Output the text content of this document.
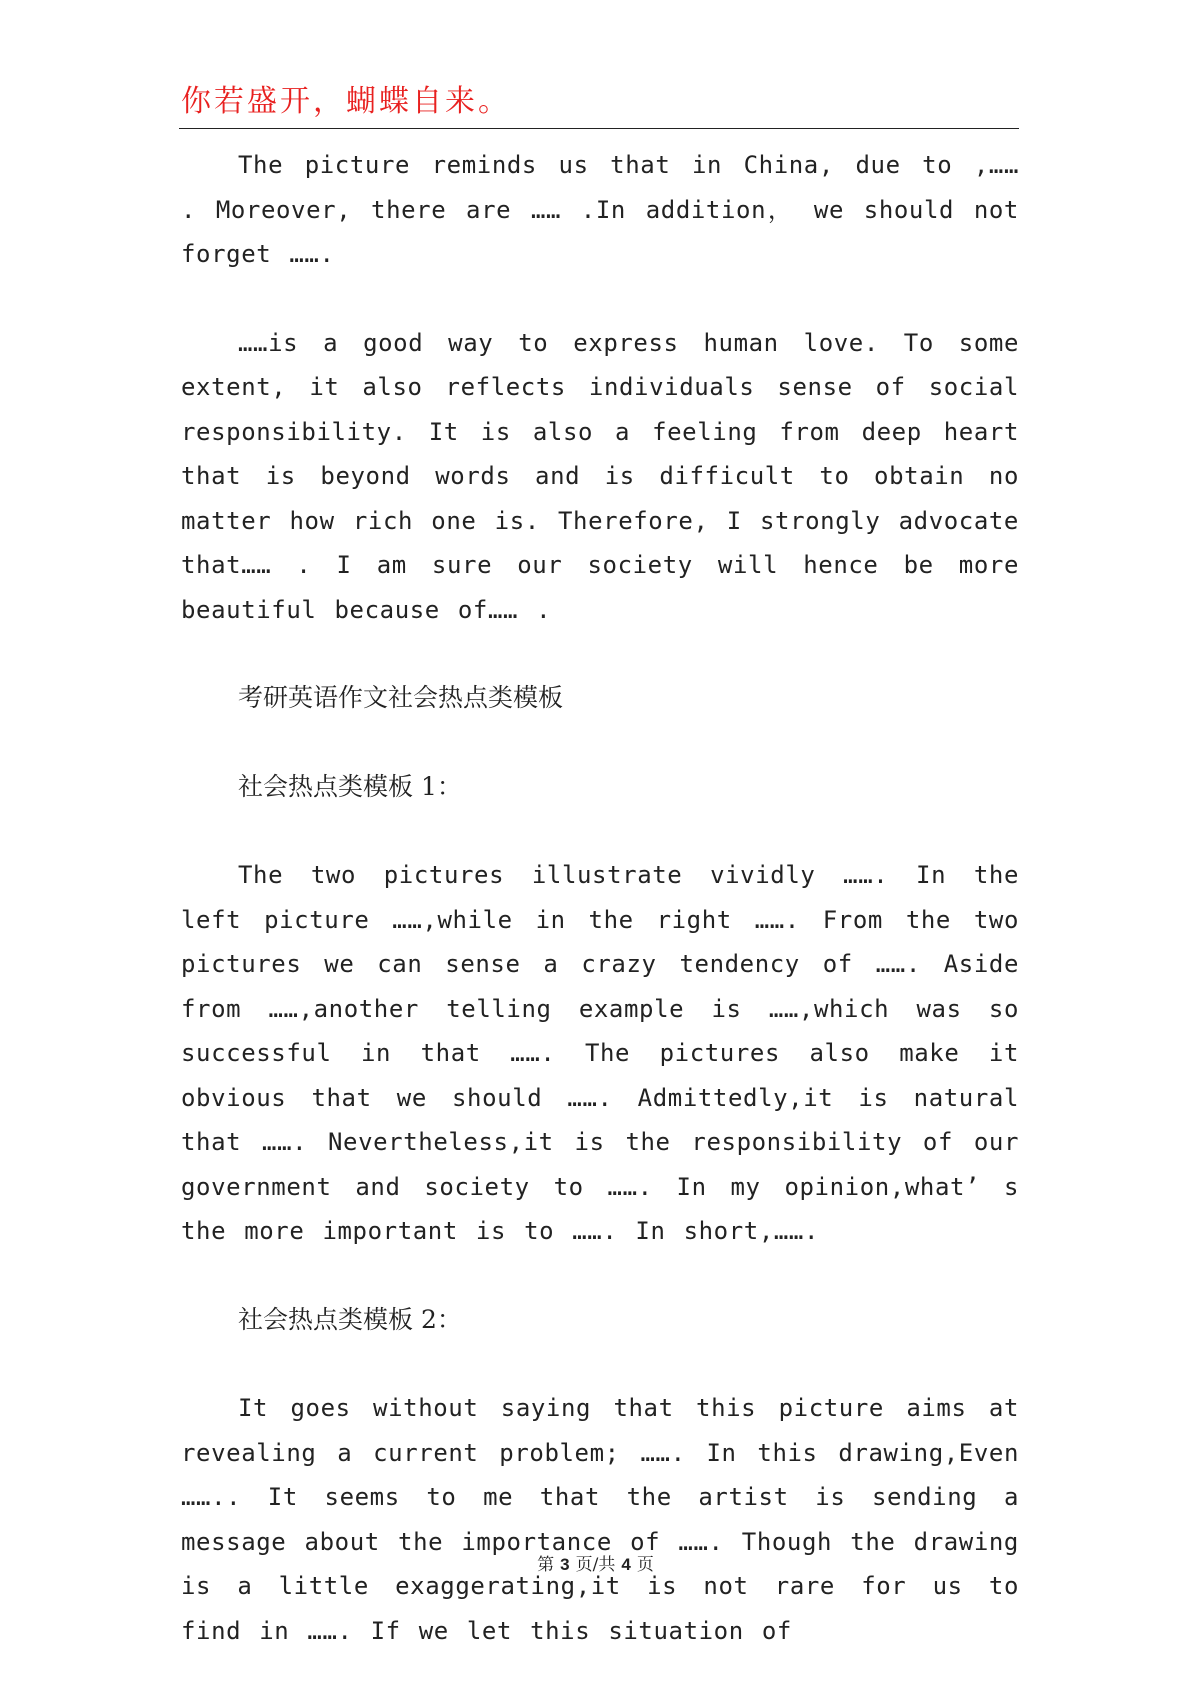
你若盛开，蝴蝶自来。

The picture reminds us that in China, due to ,…… . Moreover, there are …… .In addition， we should not forget …….

……is a good way to express human love. To some extent, it also reflects individuals sense of social responsibility. It is also a feeling from deep heart that is beyond words and is difficult to obtain no matter how rich one is. Therefore, I strongly advocate that…… . I am sure our society will hence be more beautiful because of…… .

考研英语作文社会热点类模板

社会热点类模板 1：

The two pictures illustrate vividly ……. In the left picture ……,while in the right ……. From the two pictures we can sense a crazy tendency of ……. Aside from ……,another telling example is ……,which was so successful in that ……. The pictures also make it obvious that we should ……. Admittedly,it is natural that ……. Nevertheless,it is the responsibility of our government and society to ……. In my opinion,what’ s the more important is to ……. In short,…….

社会热点类模板 2：

It goes without saying that this picture aims at revealing a current problem; ……. In this drawing,Even …….. It seems to me that the artist is sending a message about the importance of ……. Though the drawing is a little exaggerating,it is not rare for us to find in ……. If we let this situation of

第 3 页/共 4 页
